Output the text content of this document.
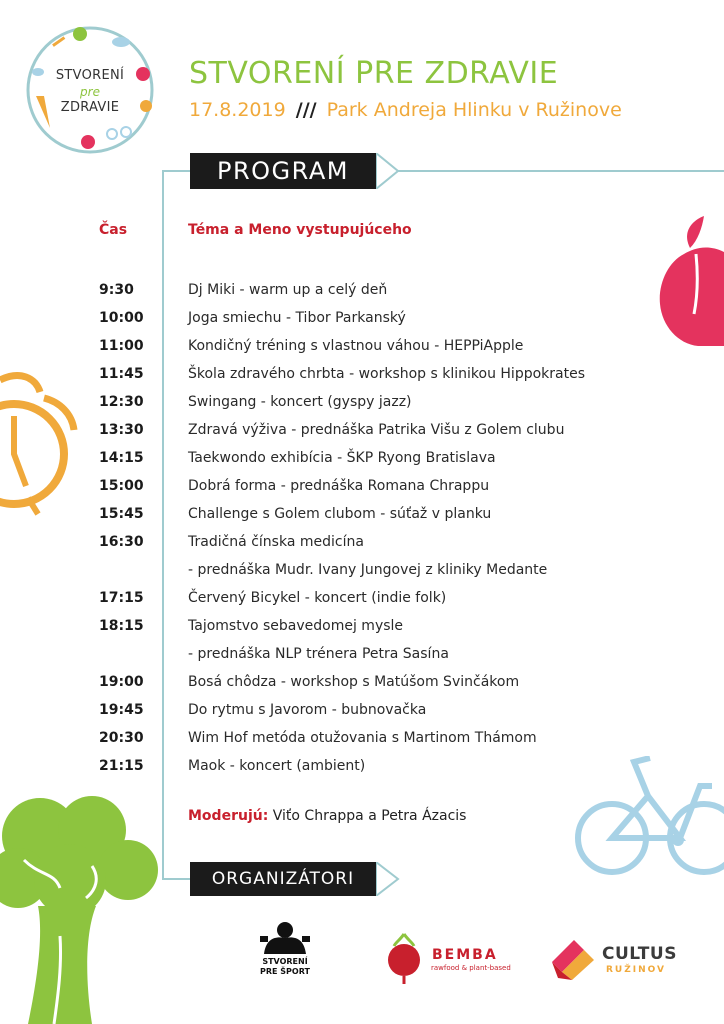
STVORENÍ
pre
ZDRAVIE
STVORENÍ PRE ZDRAVIE
17.8.2019 /// Park Andreja Hlinku v Ružinove
PROGRAM
Čas	Téma a Meno vystupujúceho
9:30	Dj Miki - warm up a celý deň
10:00	Joga smiechu - Tibor Parkanský
11:00	Kondičný tréning s vlastnou váhou - HEPPiApple
11:45	Škola zdravého chrbta - workshop s klinikou Hippokrates
12:30	Swingang - koncert (gyspy jazz)
13:30	Zdravá výživa - prednáška Patrika Višu z Golem clubu
14:15	Taekwondo exhibícia - ŠKP Ryong Bratislava
15:00	Dobrá forma - prednáška Romana Chrappu
15:45	Challenge s Golem clubom - súťaž v planku
16:30	Tradičná čínska medicína
- prednáška Mudr. Ivany Jungovej z kliniky Medante
17:15	Červený Bicykel - koncert (indie folk)
18:15	Tajomstvo sebavedomej mysle
- prednáška NLP trénera Petra Sasína
19:00	Bosá chôdza - workshop s Matúšom Svinčákom
19:45	Do rytmu s Javorom - bubnovačka
20:30	Wim Hof metóda otužovania s Martinom Thámom
21:15	Maok - koncert (ambient)
Moderujú: Viťo Chrappa a Petra Ázacis
ORGANIZÁTORI
STVORENÍ
PRE ŠPORT
BEMBA
rawfood & plant-based
CULTUS
RUŽINOV
